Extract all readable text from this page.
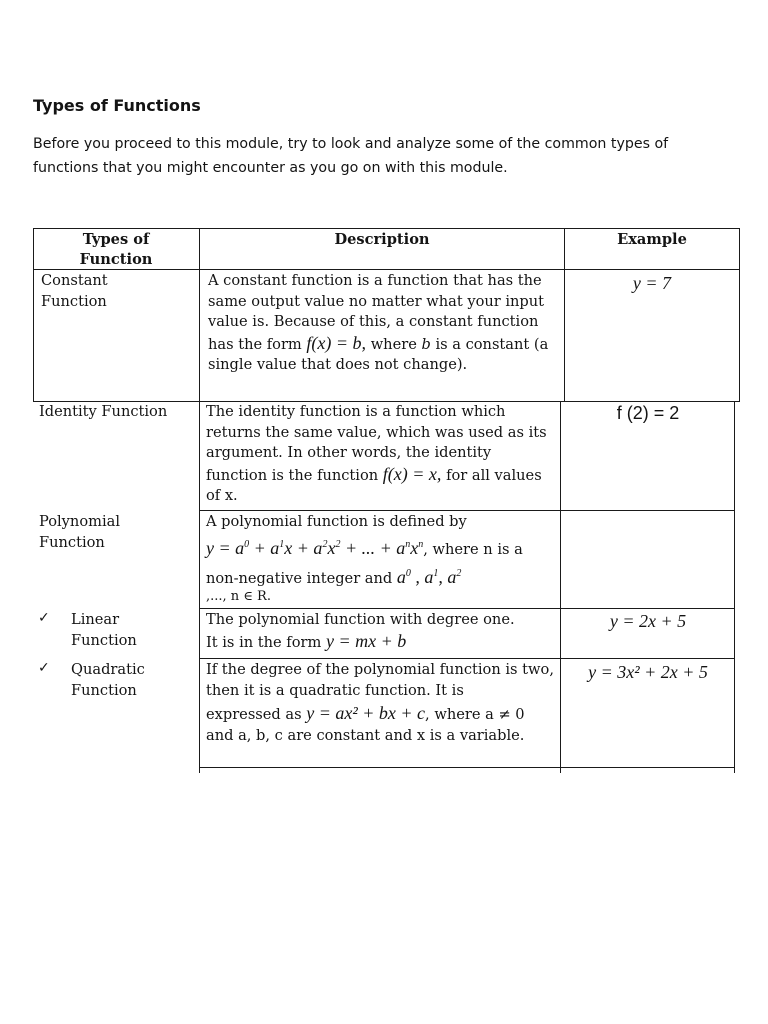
Types of Functions
Before you proceed to this module, try to look and analyze some of the common types of functions that you might encounter as you go on with this module.
Types of Function
Description	Example
Constant Function
A constant function is a function that has the same output value no matter what your input value is. Because of this, a constant function has the form f(x) = b, where b is a constant (a single value that does not change).
y = 7
Identity Function	The identity function is a function which returns the same value, which was used as its argument. In other words, the identity function is the function f(x) = x, for all values of x.
f (2) = 2
Polynomial Function
A polynomial function is defined by
$y = a^0 + a^1x + a^2x^2$ + ... + $a^nx^n$, where n is a
non-negative integer and $a^0$ , $a^1$, $a^2$
,..., n ∈ R.
✓ Linear Function
The polynomial function with degree one.
It is in the form y = mx + b
y = 2x + 5
✓ Quadratic Function
If the degree of the polynomial function is two, then it is a quadratic function. It is
expressed as y = ax² + bx + c, where a ≠ 0
and a, b, c are constant and x is a variable.
y = 3x² + 2x + 5
